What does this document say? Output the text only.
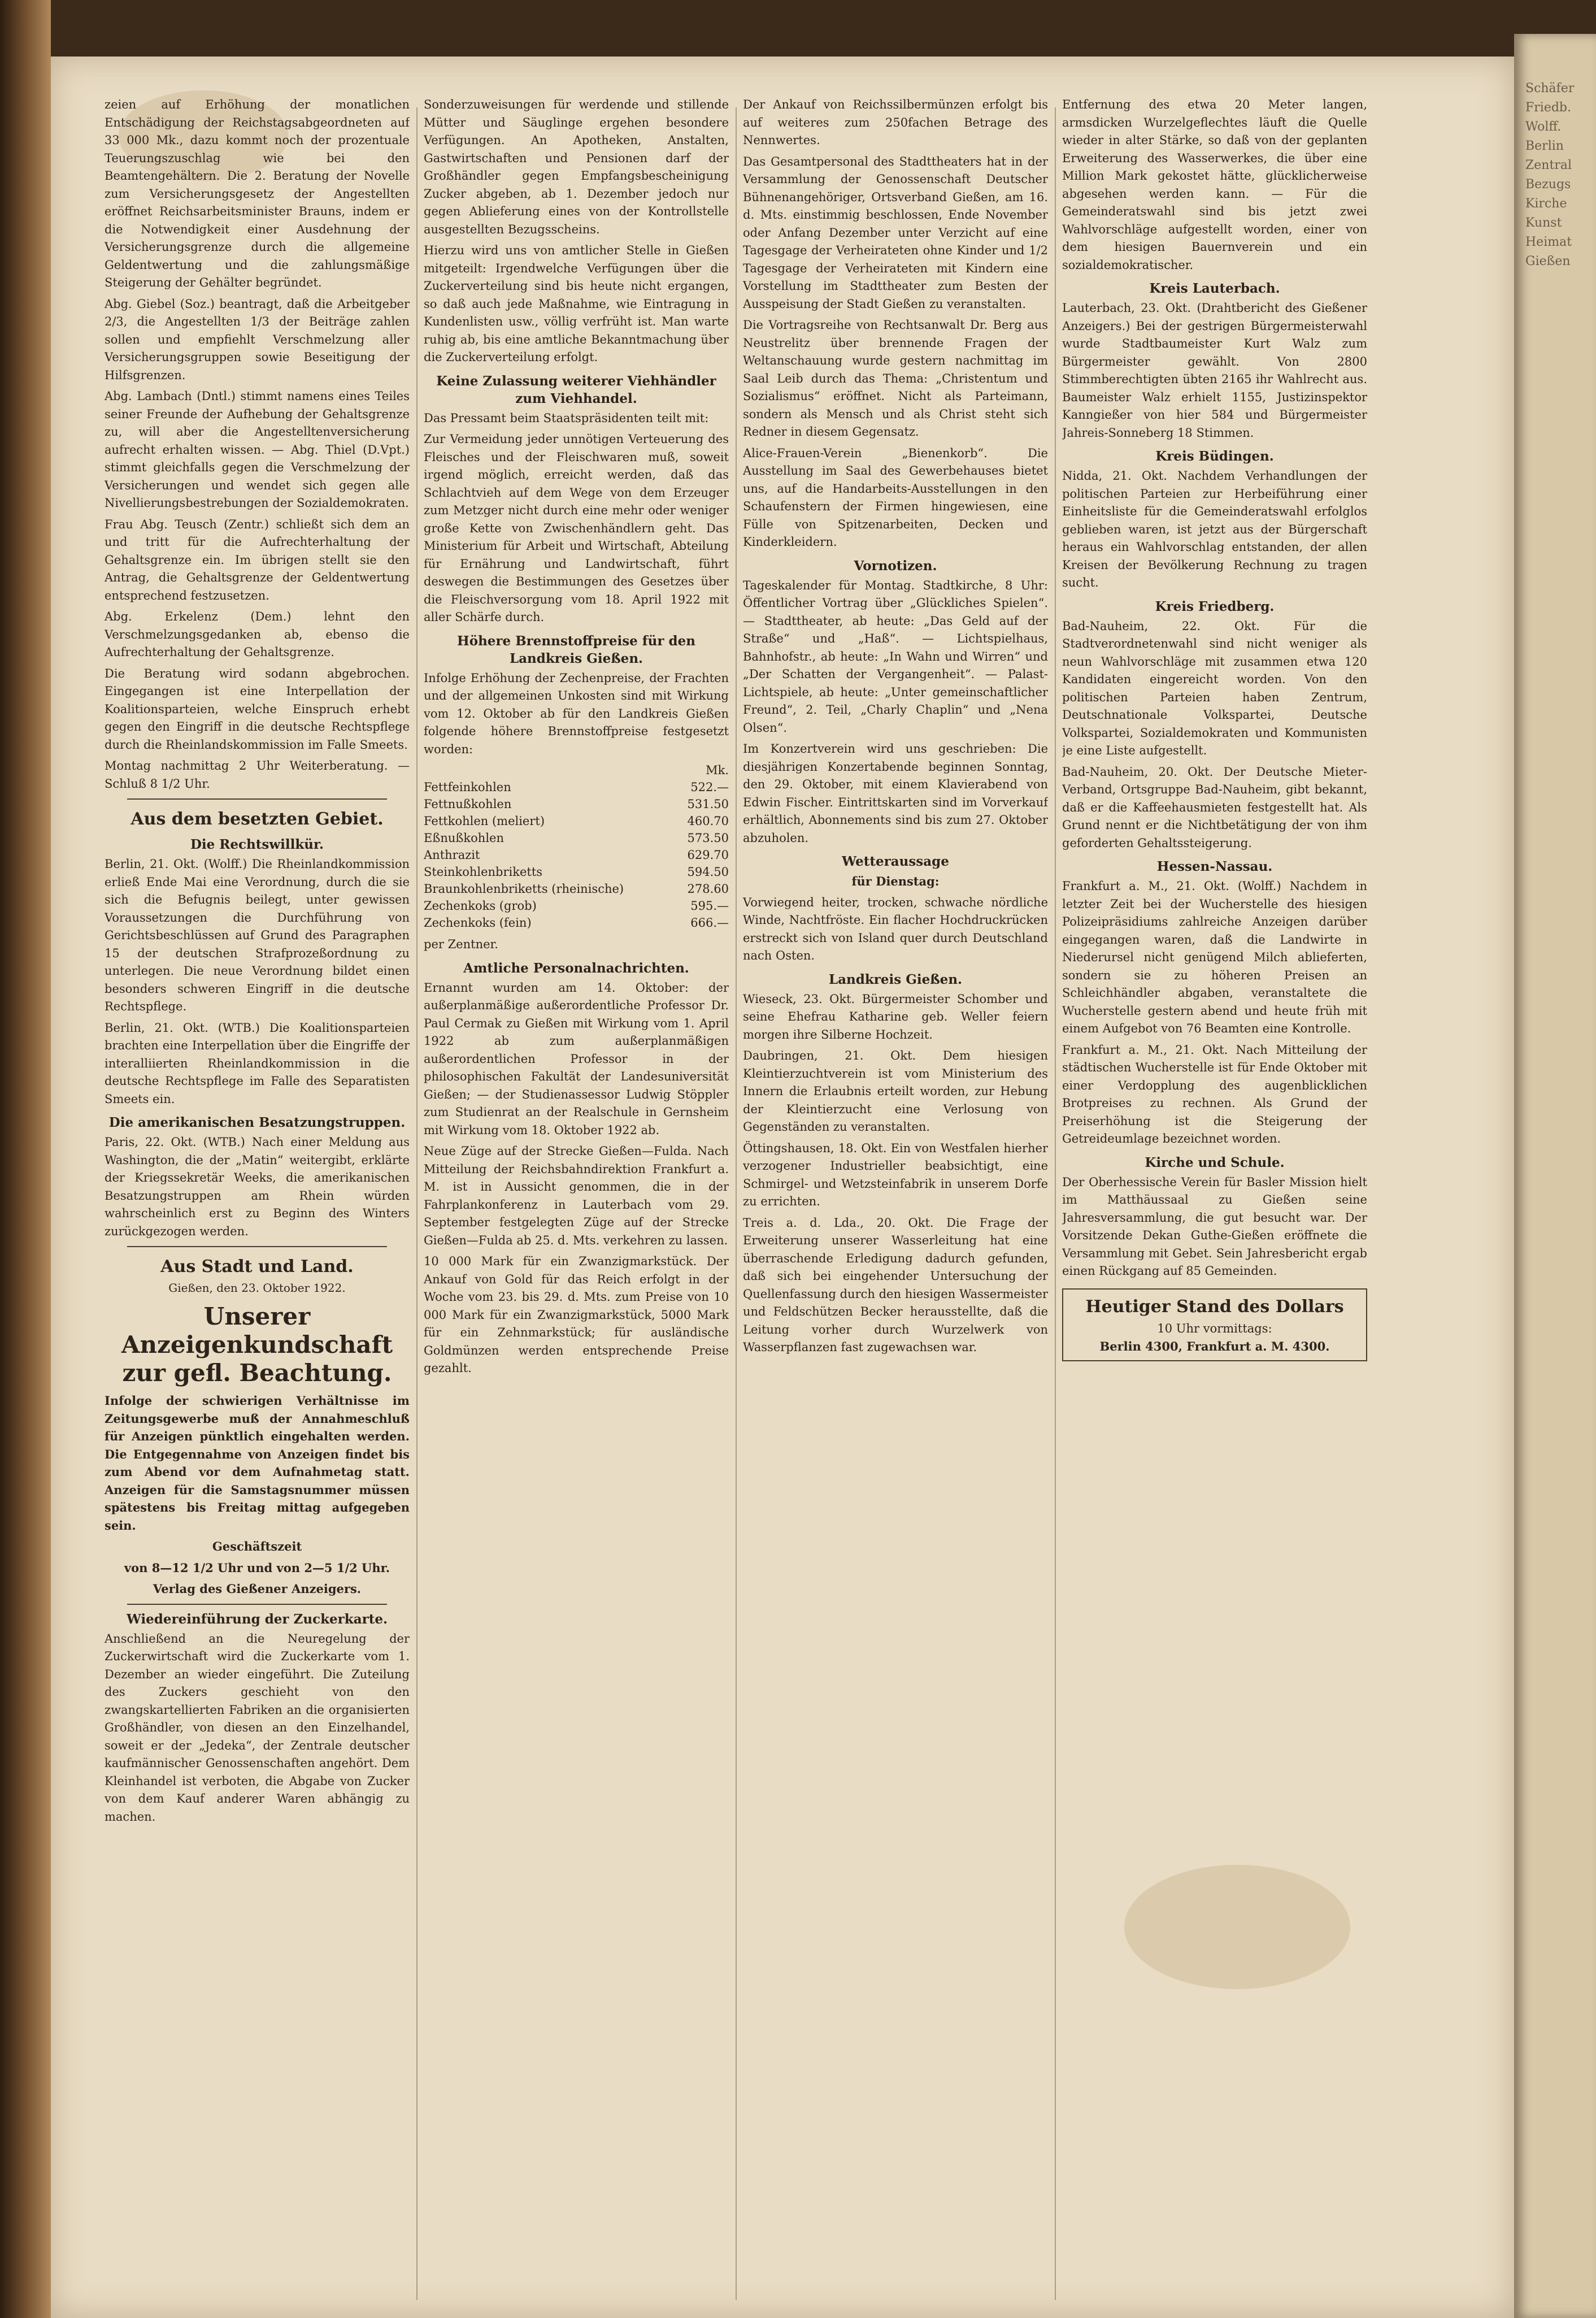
zeien auf Erhöhung der monatlichen Entschädigung der Reichstagsabgeordneten auf 33 000 Mk., dazu kommt noch der prozentuale Teuerungszuschlag wie bei den Beamtengehältern. Die 2. Beratung der Novelle zum Versicherungsgesetz der Angestellten eröffnet Reichsarbeitsminister Brauns, indem er die Notwendigkeit einer Ausdehnung der Versicherungsgrenze durch die allgemeine Geldentwertung und die zahlungsmäßige Steigerung der Gehälter begründet.

Abg. Giebel (Soz.) beantragt, daß die Arbeitgeber 2/3, die Angestellten 1/3 der Beiträge zahlen sollen und empfiehlt Verschmelzung aller Versicherungsgruppen sowie Beseitigung der Hilfsgrenzen.

Abg. Lambach (Dntl.) stimmt namens eines Teiles seiner Freunde der Aufhebung der Gehaltsgrenze zu, will aber die Angestelltenversicherung aufrecht erhalten wissen. — Abg. Thiel (D.Vpt.) stimmt gleichfalls gegen die Verschmelzung der Versicherungen und wendet sich gegen alle Nivellierungsbestrebungen der Sozialdemokraten.

Frau Abg. Teusch (Zentr.) schließt sich dem an und tritt für die Aufrechterhaltung der Gehaltsgrenze ein. Im übrigen stellt sie den Antrag, die Gehaltsgrenze der Geldentwertung entsprechend festzusetzen.

Abg. Erkelenz (Dem.) lehnt den Verschmelzungsgedanken ab, ebenso die Aufrechterhaltung der Gehaltsgrenze.

Die Beratung wird sodann abgebrochen. Eingegangen ist eine Interpellation der Koalitionsparteien, welche Einspruch erhebt gegen den Eingriff in die deutsche Rechtspflege durch die Rheinlandskommission im Falle Smeets.

Montag nachmittag 2 Uhr Weiterberatung. — Schluß 8 1/2 Uhr.

Aus dem besetzten Gebiet.
Die Rechtswillkür.

Berlin, 21. Okt. (Wolff.) Die Rheinlandkommission erließ Ende Mai eine Verordnung, durch die sie sich die Befugnis beilegt, unter gewissen Voraussetzungen die Durchführung von Gerichtsbeschlüssen auf Grund des Paragraphen 15 der deutschen Strafprozeßordnung zu unterlegen. Die neue Verordnung bildet einen besonders schweren Eingriff in die deutsche Rechtspflege.

Berlin, 21. Okt. (WTB.) Die Koalitionsparteien brachten eine Interpellation über die Eingriffe der interalliierten Rheinlandkommission in die deutsche Rechtspflege im Falle des Separatisten Smeets ein.

Die amerikanischen Besatzungstruppen.

Paris, 22. Okt. (WTB.) Nach einer Meldung aus Washington, die der „Matin“ weitergibt, erklärte der Kriegssekretär Weeks, die amerikanischen Besatzungstruppen am Rhein würden wahrscheinlich erst zu Beginn des Winters zurückgezogen werden.

Aus Stadt und Land.
Gießen, den 23. Oktober 1922.
Unserer Anzeigenkundschaft zur gefl. Beachtung.

Infolge der schwierigen Verhältnisse im Zeitungsgewerbe muß der Annahmeschluß für Anzeigen pünktlich eingehalten werden. Die Entgegennahme von Anzeigen findet bis zum Abend vor dem Aufnahmetag statt. Anzeigen für die Samstagsnummer müssen spätestens bis Freitag mittag aufgegeben sein.

Geschäftszeit

von 8—12 1/2 Uhr und von 2—5 1/2 Uhr.

Verlag des Gießener Anzeigers.

Wiedereinführung der Zuckerkarte.

Anschließend an die Neuregelung der Zuckerwirtschaft wird die Zuckerkarte vom 1. Dezember an wieder eingeführt. Die Zuteilung des Zuckers geschieht von den zwangskartellierten Fabriken an die organisierten Großhändler, von diesen an den Einzelhandel, soweit er der „Jedeka“, der Zentrale deutscher kaufmännischer Genossenschaften angehört. Dem Kleinhandel ist verboten, die Abgabe von Zucker von dem Kauf anderer Waren abhängig zu machen.

Sonderzuweisungen für werdende und stillende Mütter und Säuglinge ergehen besondere Verfügungen. An Apotheken, Anstalten, Gastwirtschaften und Pensionen darf der Großhändler gegen Empfangsbescheinigung Zucker abgeben, ab 1. Dezember jedoch nur gegen Ablieferung eines von der Kontrollstelle ausgestellten Bezugsscheins.

Hierzu wird uns von amtlicher Stelle in Gießen mitgeteilt: Irgendwelche Verfügungen über die Zuckerverteilung sind bis heute nicht ergangen, so daß auch jede Maßnahme, wie Eintragung in Kundenlisten usw., völlig verfrüht ist. Man warte ruhig ab, bis eine amtliche Bekanntmachung über die Zuckerverteilung erfolgt.

Keine Zulassung weiterer Viehhändler zum Viehhandel.

Das Pressamt beim Staatspräsidenten teilt mit:

Zur Vermeidung jeder unnötigen Verteuerung des Fleisches und der Fleischwaren muß, soweit irgend möglich, erreicht werden, daß das Schlachtvieh auf dem Wege von dem Erzeuger zum Metzger nicht durch eine mehr oder weniger große Kette von Zwischenhändlern geht. Das Ministerium für Arbeit und Wirtschaft, Abteilung für Ernährung und Landwirtschaft, führt deswegen die Bestimmungen des Gesetzes über die Fleischversorgung vom 18. April 1922 mit aller Schärfe durch.

Höhere Brennstoffpreise für den Landkreis Gießen.

Infolge Erhöhung der Zechenpreise, der Frachten und der allgemeinen Unkosten sind mit Wirkung vom 12. Oktober ab für den Landkreis Gießen folgende höhere Brennstoffpreise festgesetzt worden:

	Mk.
Fettfeinkohlen	522.—
Fettnußkohlen	531.50
Fettkohlen (meliert)	460.70
Eßnußkohlen	573.50
Anthrazit	629.70
Steinkohlenbriketts	594.50
Braunkohlenbriketts (rheinische)	278.60
Zechenkoks (grob)	595.—
Zechenkoks (fein)	666.—

per Zentner.

Amtliche Personalnachrichten.

Ernannt wurden am 14. Oktober: der außerplanmäßige außerordentliche Professor Dr. Paul Cermak zu Gießen mit Wirkung vom 1. April 1922 ab zum außerplanmäßigen außerordentlichen Professor in der philosophischen Fakultät der Landesuniversität Gießen; — der Studienassessor Ludwig Stöppler zum Studienrat an der Realschule in Gernsheim mit Wirkung vom 18. Oktober 1922 ab.

Neue Züge auf der Strecke Gießen—Fulda. Nach Mitteilung der Reichsbahndirektion Frankfurt a. M. ist in Aussicht genommen, die in der Fahrplankonferenz in Lauterbach vom 29. September festgelegten Züge auf der Strecke Gießen—Fulda ab 25. d. Mts. verkehren zu lassen.

10 000 Mark für ein Zwanzigmarkstück. Der Ankauf von Gold für das Reich erfolgt in der Woche vom 23. bis 29. d. Mts. zum Preise von 10 000 Mark für ein Zwanzigmarkstück, 5000 Mark für ein Zehnmarkstück; für ausländische Goldmünzen werden entsprechende Preise gezahlt.

Der Ankauf von Reichssilbermünzen erfolgt bis auf weiteres zum 250fachen Betrage des Nennwertes.

Das Gesamtpersonal des Stadttheaters hat in der Versammlung der Genossenschaft Deutscher Bühnenangehöriger, Ortsverband Gießen, am 16. d. Mts. einstimmig beschlossen, Ende November oder Anfang Dezember unter Verzicht auf eine Tagesgage der Verheirateten ohne Kinder und 1/2 Tagesgage der Verheirateten mit Kindern eine Vorstellung im Stadttheater zum Besten der Ausspeisung der Stadt Gießen zu veranstalten.

Die Vortragsreihe von Rechtsanwalt Dr. Berg aus Neustrelitz über brennende Fragen der Weltanschauung wurde gestern nachmittag im Saal Leib durch das Thema: „Christentum und Sozialismus“ eröffnet. Nicht als Parteimann, sondern als Mensch und als Christ steht sich Redner in diesem Gegensatz.

Alice-Frauen-Verein „Bienenkorb“. Die Ausstellung im Saal des Gewerbehauses bietet uns, auf die Handarbeits-Ausstellungen in den Schaufenstern der Firmen hingewiesen, eine Fülle von Spitzenarbeiten, Decken und Kinderkleidern.

Vornotizen.

Tageskalender für Montag. Stadtkirche, 8 Uhr: Öffentlicher Vortrag über „Glückliches Spielen“. — Stadttheater, ab heute: „Das Geld auf der Straße“ und „Haß“. — Lichtspielhaus, Bahnhofstr., ab heute: „In Wahn und Wirren“ und „Der Schatten der Vergangenheit“. — Palast-Lichtspiele, ab heute: „Unter gemeinschaftlicher Freund“, 2. Teil, „Charly Chaplin“ und „Nena Olsen“.

Im Konzertverein wird uns geschrieben: Die diesjährigen Konzertabende beginnen Sonntag, den 29. Oktober, mit einem Klavierabend von Edwin Fischer. Eintrittskarten sind im Vorverkauf erhältlich, Abonnements sind bis zum 27. Oktober abzuholen.

Wetteraussage

für Dienstag:

Vorwiegend heiter, trocken, schwache nördliche Winde, Nachtfröste. Ein flacher Hochdruckrücken erstreckt sich von Island quer durch Deutschland nach Osten.

Landkreis Gießen.

Wieseck, 23. Okt. Bürgermeister Schomber und seine Ehefrau Katharine geb. Weller feiern morgen ihre Silberne Hochzeit.

Daubringen, 21. Okt. Dem hiesigen Kleintierzuchtverein ist vom Ministerium des Innern die Erlaubnis erteilt worden, zur Hebung der Kleintierzucht eine Verlosung von Gegenständen zu veranstalten.

Öttingshausen, 18. Okt. Ein von Westfalen hierher verzogener Industrieller beabsichtigt, eine Schmirgel- und Wetzsteinfabrik in unserem Dorfe zu errichten.

Treis a. d. Lda., 20. Okt. Die Frage der Erweiterung unserer Wasserleitung hat eine überraschende Erledigung dadurch gefunden, daß sich bei eingehender Untersuchung der Quellenfassung durch den hiesigen Wassermeister und Feldschützen Becker herausstellte, daß die Leitung vorher durch Wurzelwerk von Wasserpflanzen fast zugewachsen war.

Entfernung des etwa 20 Meter langen, armsdicken Wurzelgeflechtes läuft die Quelle wieder in alter Stärke, so daß von der geplanten Erweiterung des Wasserwerkes, die über eine Million Mark gekostet hätte, glücklicherweise abgesehen werden kann. — Für die Gemeinderatswahl sind bis jetzt zwei Wahlvorschläge aufgestellt worden, einer von dem hiesigen Bauernverein und ein sozialdemokratischer.

Kreis Lauterbach.

Lauterbach, 23. Okt. (Drahtbericht des Gießener Anzeigers.) Bei der gestrigen Bürgermeisterwahl wurde Stadtbaumeister Kurt Walz zum Bürgermeister gewählt. Von 2800 Stimmberechtigten übten 2165 ihr Wahlrecht aus. Baumeister Walz erhielt 1155, Justizinspektor Kanngießer von hier 584 und Bürgermeister Jahreis-Sonneberg 18 Stimmen.

Kreis Büdingen.

Nidda, 21. Okt. Nachdem Verhandlungen der politischen Parteien zur Herbeiführung einer Einheitsliste für die Gemeinderatswahl erfolglos geblieben waren, ist jetzt aus der Bürgerschaft heraus ein Wahlvorschlag entstanden, der allen Kreisen der Bevölkerung Rechnung zu tragen sucht.

Kreis Friedberg.

Bad-Nauheim, 22. Okt. Für die Stadtverordnetenwahl sind nicht weniger als neun Wahlvorschläge mit zusammen etwa 120 Kandidaten eingereicht worden. Von den politischen Parteien haben Zentrum, Deutschnationale Volkspartei, Deutsche Volkspartei, Sozialdemokraten und Kommunisten je eine Liste aufgestellt.

Bad-Nauheim, 20. Okt. Der Deutsche Mieter-Verband, Ortsgruppe Bad-Nauheim, gibt bekannt, daß er die Kaffeehausmieten festgestellt hat. Als Grund nennt er die Nichtbetätigung der von ihm geforderten Gehaltssteigerung.

Hessen-Nassau.

Frankfurt a. M., 21. Okt. (Wolff.) Nachdem in letzter Zeit bei der Wucherstelle des hiesigen Polizeipräsidiums zahlreiche Anzeigen darüber eingegangen waren, daß die Landwirte in Niederursel nicht genügend Milch ablieferten, sondern sie zu höheren Preisen an Schleichhändler abgaben, veranstaltete die Wucherstelle gestern abend und heute früh mit einem Aufgebot von 76 Beamten eine Kontrolle.

Frankfurt a. M., 21. Okt. Nach Mitteilung der städtischen Wucherstelle ist für Ende Oktober mit einer Verdopplung des augenblicklichen Brotpreises zu rechnen. Als Grund der Preiserhöhung ist die Steigerung der Getreideumlage bezeichnet worden.

Kirche und Schule.

Der Oberhessische Verein für Basler Mission hielt im Matthäussaal zu Gießen seine Jahresversammlung, die gut besucht war. Der Vorsitzende Dekan Guthe-Gießen eröffnete die Versammlung mit Gebet. Sein Jahresbericht ergab einen Rückgang auf 85 Gemeinden.

Heutiger Stand des Dollars

10 Uhr vormittags:

Berlin 4300, Frankfurt a. M. 4300.

Schäfer
Friedb.
Wolff.
Berlin
Zentral
Bezugs
Kirche
Kunst
Heimat
Gießen
